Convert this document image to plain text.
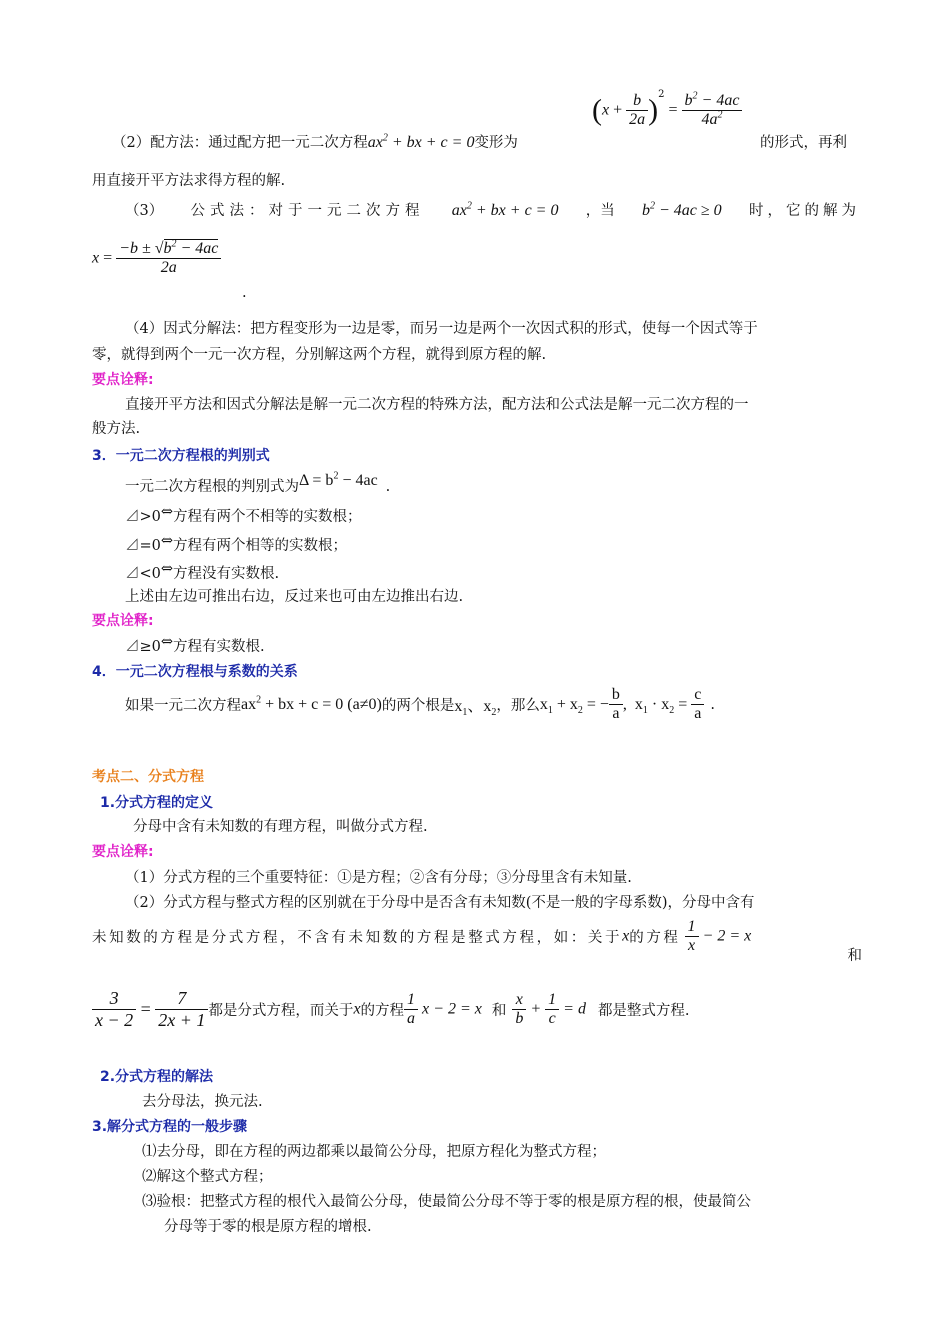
（2）配方法：通过配方把一元二次方程$ax^2$ + bx + c = 0变形为
$(x + \frac{b}{2a} )^2 = \frac{b^2 - 4ac}{4a^2}$
的形式，再利
用直接开平方法求得方程的解.
（3） 公式法：对于一元二次方程 $ax^2$ + bx + c = 0 ，当 $b^2 - 4ac \ge 0$ 时，它的解为
$x = \frac{-b \pm √b^2 - 4ac}{2a}$
.
（4）因式分解法：把方程变形为一边是零，而另一边是两个一次因式积的形式，使每一个因式等于
零，就得到两个一元一次方程，分别解这两个方程，就得到原方程的解.
要点诠释:
直接开平方法和因式分解法是解一元二次方程的特殊方法，配方法和公式法是解一元二次方程的一
般方法.
3．一元二次方程根的判别式
一元二次方程根的判别式为$\Delta = b^2 - 4ac$ .
⊿>0⇔方程有两个不相等的实数根；
⊿=0⇔方程有两个相等的实数根；
⊿<0⇔方程没有实数根.
上述由左边可推出右边，反过来也可由左边推出右边.
要点诠释:
⊿≥0⇔方程有实数根.
4．一元二次方程根与系数的关系
如果一元二次方程$ax^2$ + bx + c = 0 (a≠0)的两个根是$x_1$、$x_2$，那么$x_1 + x_2$ = − $\frac{b}{a}$ ,  $x_1 \cdot x_2 = \frac{c}{a}$ .
考点二、分式方程
1.分式方程的定义
分母中含有未知数的有理方程，叫做分式方程.
要点诠释:
（1）分式方程的三个重要特征：①是方程；②含有分母；③分母里含有未知量.
（2）分式方程与整式方程的区别就在于分母中是否含有未知数(不是一般的字母系数)，分母中含有
未知数的方程是分式方程，不含有未知数的方程是整式方程，如：关于x的方程 $\frac{1}{x} - 2 = x$
和
$\frac{3}{x - 2} = \frac{7}{2x + 1}$ 都是分式方程，而关于x的方程 $\frac{1}{a}$ x − 2 = x 和 $\frac{x}{b} + \frac{1}{c} = d$ 都是整式方程.
2.分式方程的解法
去分母法，换元法.
3.解分式方程的一般步骤
⑴去分母，即在方程的两边都乘以最简公分母，把原方程化为整式方程；
⑵解这个整式方程；
⑶验根：把整式方程的根代入最简公分母，使最简公分母不等于零的根是原方程的根，使最简公
分母等于零的根是原方程的增根.
